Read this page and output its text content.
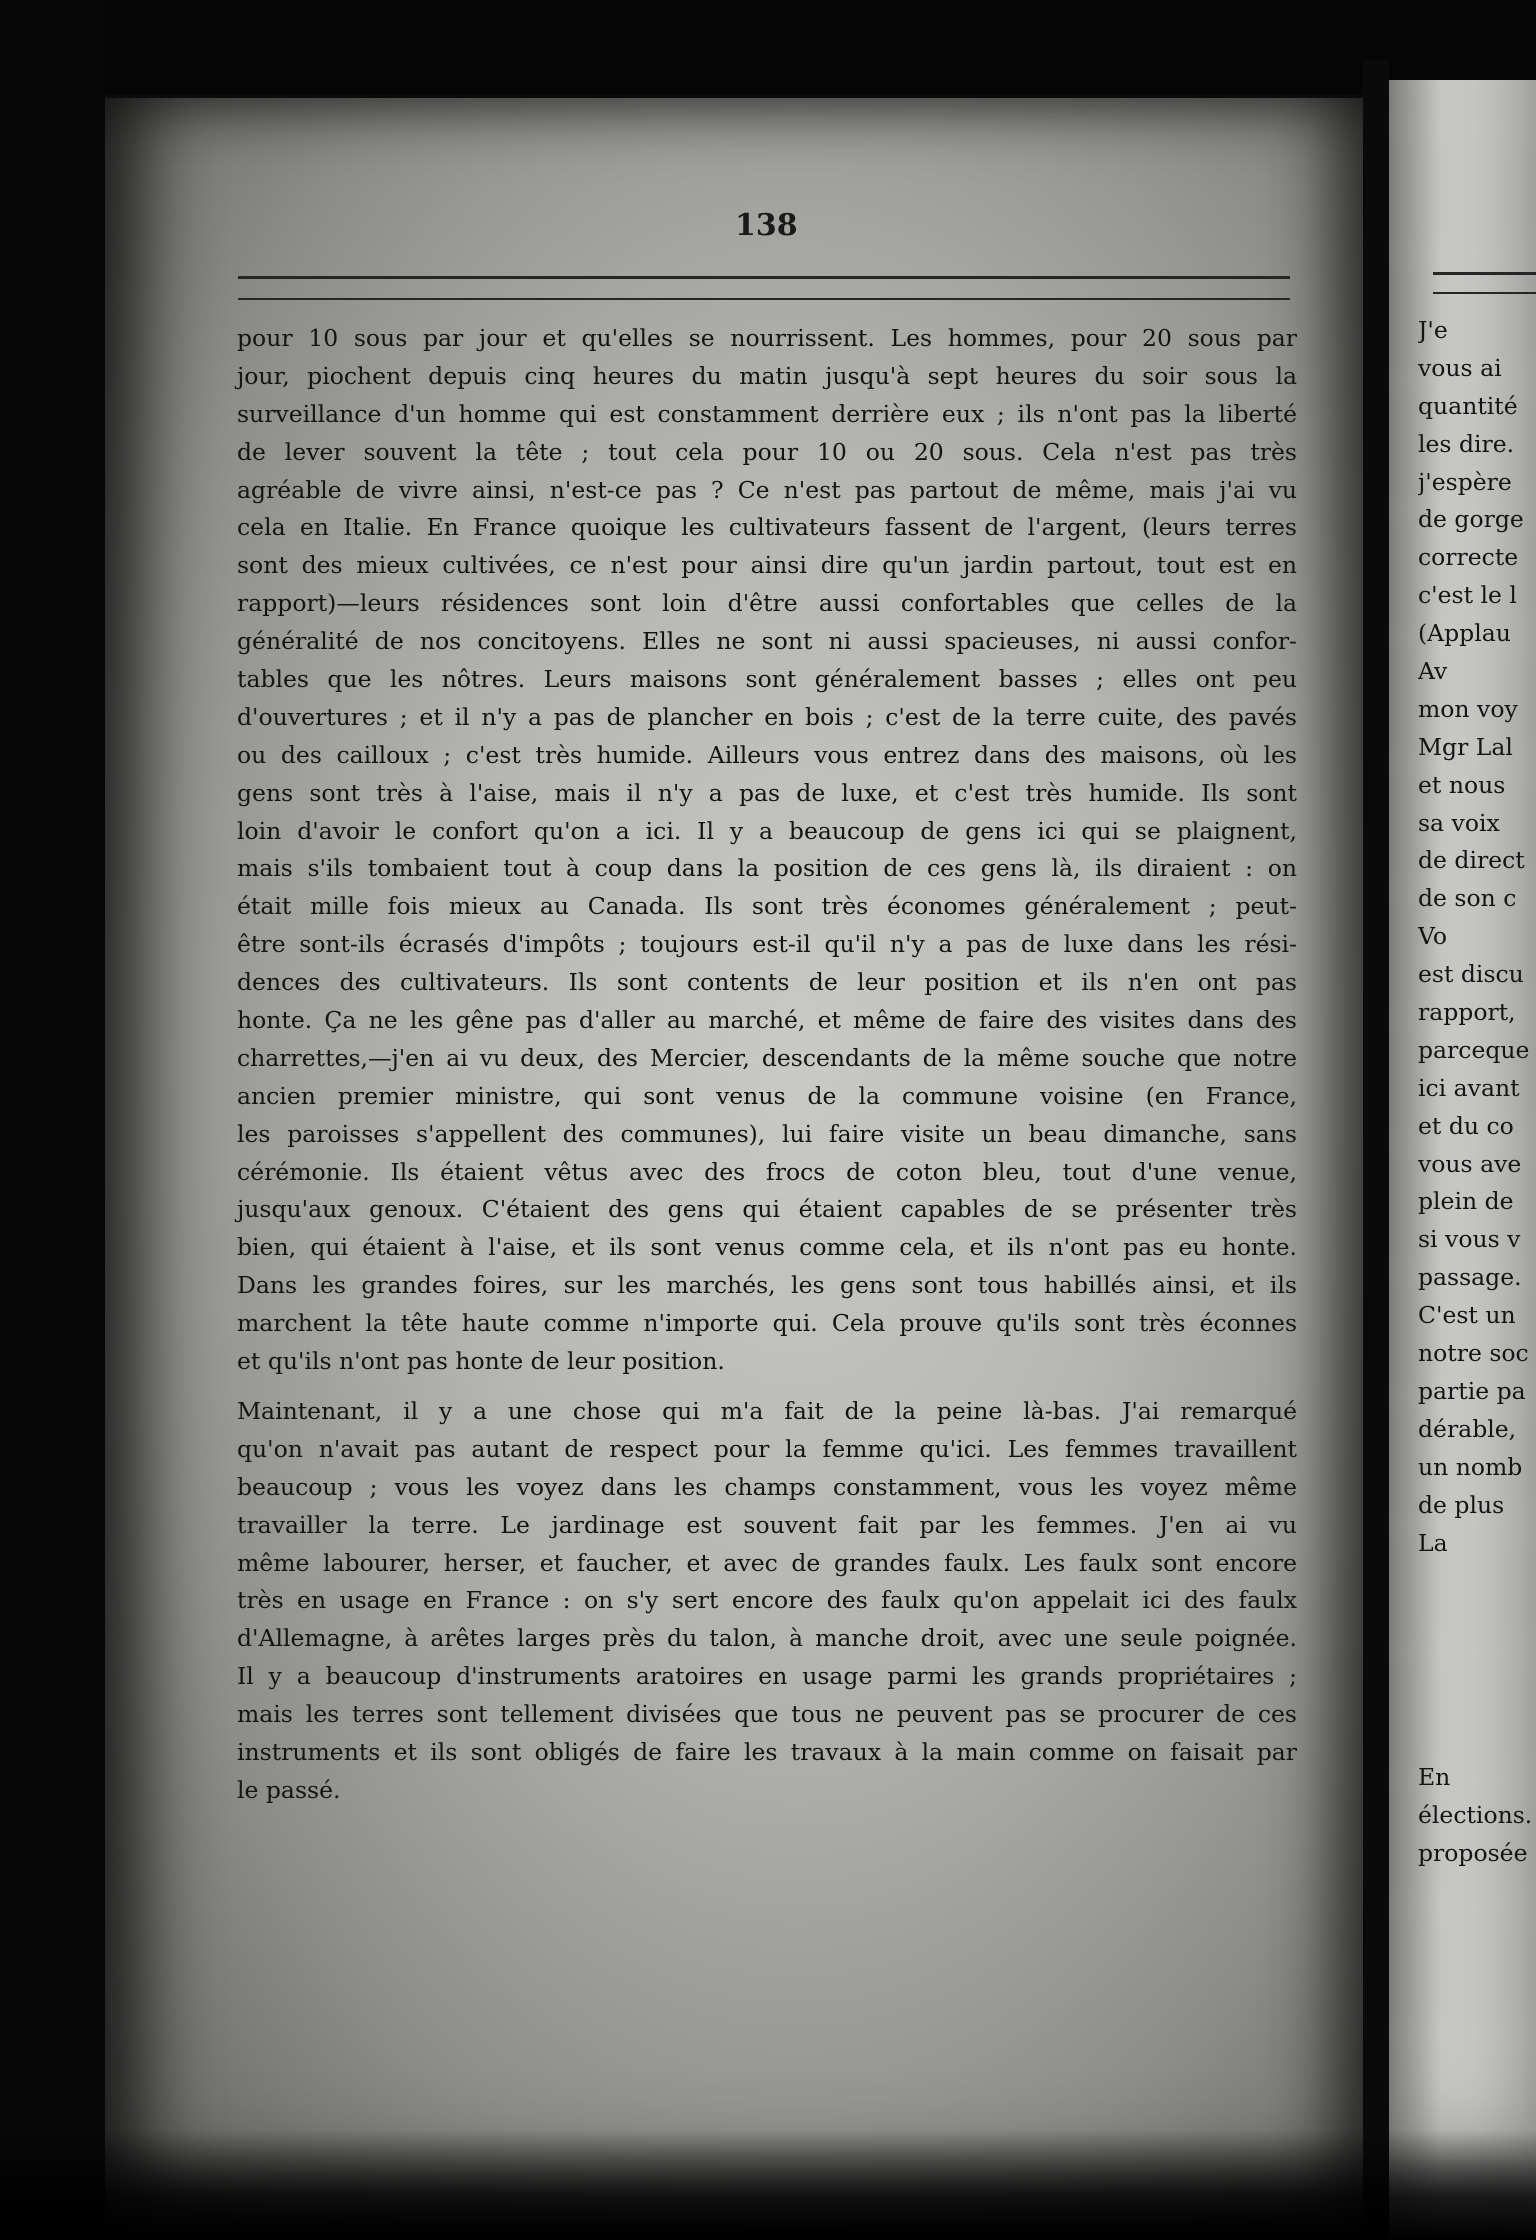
138
pour 10 sous par jour et qu'elles se nourrissent. Les hommes, pour 20 sous par
jour, piochent depuis cinq heures du matin jusqu'à sept heures du soir sous la
surveillance d'un homme qui est constamment derrière eux ; ils n'ont pas la liberté
de lever souvent la tête ; tout cela pour 10 ou 20 sous. Cela n'est pas très
agréable de vivre ainsi, n'est-ce pas ? Ce n'est pas partout de même, mais j'ai vu
cela en Italie. En France quoique les cultivateurs fassent de l'argent, (leurs terres
sont des mieux cultivées, ce n'est pour ainsi dire qu'un jardin partout, tout est en
rapport)—leurs résidences sont loin d'être aussi confortables que celles de la
généralité de nos concitoyens. Elles ne sont ni aussi spacieuses, ni aussi confor-
tables que les nôtres. Leurs maisons sont généralement basses ; elles ont peu
d'ouvertures ; et il n'y a pas de plancher en bois ; c'est de la terre cuite, des pavés
ou des cailloux ; c'est très humide. Ailleurs vous entrez dans des maisons, où les
gens sont très à l'aise, mais il n'y a pas de luxe, et c'est très humide. Ils sont
loin d'avoir le confort qu'on a ici. Il y a beaucoup de gens ici qui se plaignent,
mais s'ils tombaient tout à coup dans la position de ces gens là, ils diraient : on
était mille fois mieux au Canada. Ils sont très économes généralement ; peut-
être sont-ils écrasés d'impôts ; toujours est-il qu'il n'y a pas de luxe dans les rési-
dences des cultivateurs. Ils sont contents de leur position et ils n'en ont pas
honte. Ça ne les gêne pas d'aller au marché, et même de faire des visites dans des
charrettes,—j'en ai vu deux, des Mercier, descendants de la même souche que notre
ancien premier ministre, qui sont venus de la commune voisine (en France,
les paroisses s'appellent des communes), lui faire visite un beau dimanche, sans
cérémonie. Ils étaient vêtus avec des frocs de coton bleu, tout d'une venue,
jusqu'aux genoux. C'étaient des gens qui étaient capables de se présenter très
bien, qui étaient à l'aise, et ils sont venus comme cela, et ils n'ont pas eu honte.
Dans les grandes foires, sur les marchés, les gens sont tous habillés ainsi, et ils
marchent la tête haute comme n'importe qui. Cela prouve qu'ils sont très éconnes
et qu'ils n'ont pas honte de leur position.
Maintenant, il y a une chose qui m'a fait de la peine là-bas. J'ai remarqué
qu'on n'avait pas autant de respect pour la femme qu'ici. Les femmes travaillent
beaucoup ; vous les voyez dans les champs constamment, vous les voyez même
travailler la terre. Le jardinage est souvent fait par les femmes. J'en ai vu
même labourer, herser, et faucher, et avec de grandes faulx. Les faulx sont encore
très en usage en France : on s'y sert encore des faulx qu'on appelait ici des faulx
d'Allemagne, à arêtes larges près du talon, à manche droit, avec une seule poignée.
Il y a beaucoup d'instruments aratoires en usage parmi les grands propriétaires ;
mais les terres sont tellement divisées que tous ne peuvent pas se procurer de ces
instruments et ils sont obligés de faire les travaux à la main comme on faisait par
le passé.
J'e
vous ai
quantité
les dire.
j'espère
de gorge
correcte
c'est le l
(Applau
Av
mon voy
Mgr Lal
et nous
sa voix
de direct
de son c
Vo
est discu
rapport,
parceque
ici avant
et du co
vous ave
plein de
si vous v
passage.
C'est un
notre soc
partie pa
dérable,
un nomb
de plus
La
En
élections.
proposée
